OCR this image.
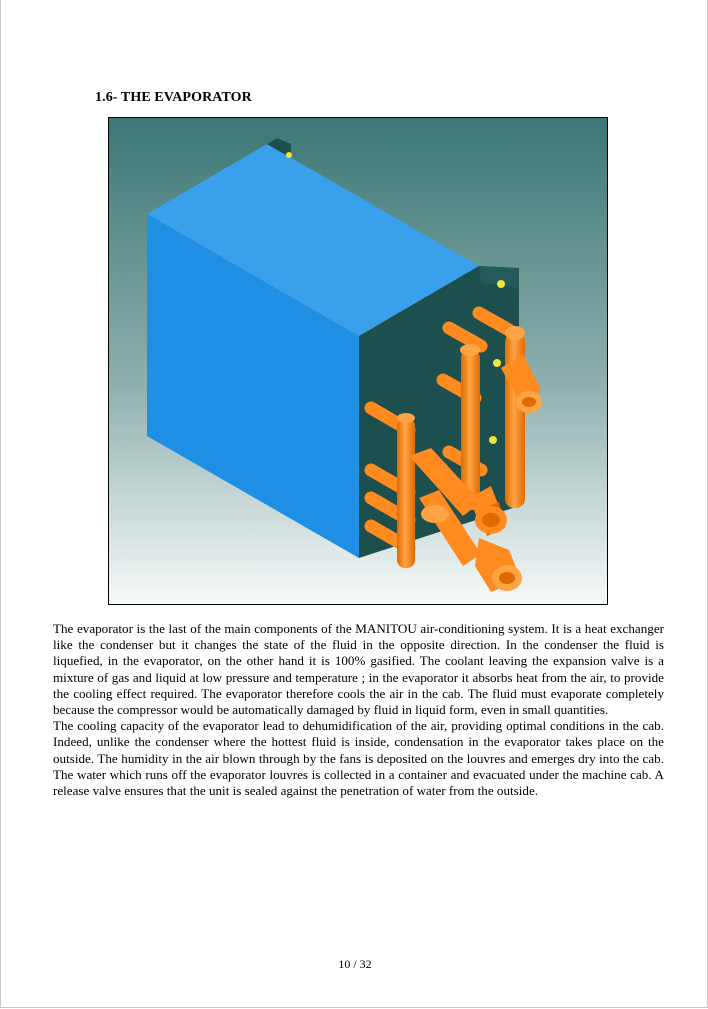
1.6- THE EVAPORATOR

The evaporator is the last of the main components of the MANITOU air-conditioning system. It is a heat exchanger like the condenser but it changes the state of the fluid in the opposite direction. In the condenser the fluid is liquefied, in the evaporator, on the other hand it is 100% gasified. The coolant leaving the expansion valve is a mixture of gas and liquid at low pressure and temperature ; in the evaporator it absorbs heat from the air, to provide the cooling effect required. The evaporator therefore cools the air in the cab. The fluid must evaporate completely because the compressor would be automatically damaged by fluid in liquid form, even in small quantities.

The cooling capacity of the evaporator lead to dehumidification of the air, providing optimal conditions in the cab. Indeed, unlike the condenser where the hottest fluid is inside, condensation in the evaporator takes place on the outside. The humidity in the air blown through by the fans is deposited on the louvres and emerges dry into the cab. The water which runs off the evaporator louvres is collected in a container and evacuated under the machine cab. A release valve ensures that the unit is sealed against the penetration of water from the outside.

10 / 32
